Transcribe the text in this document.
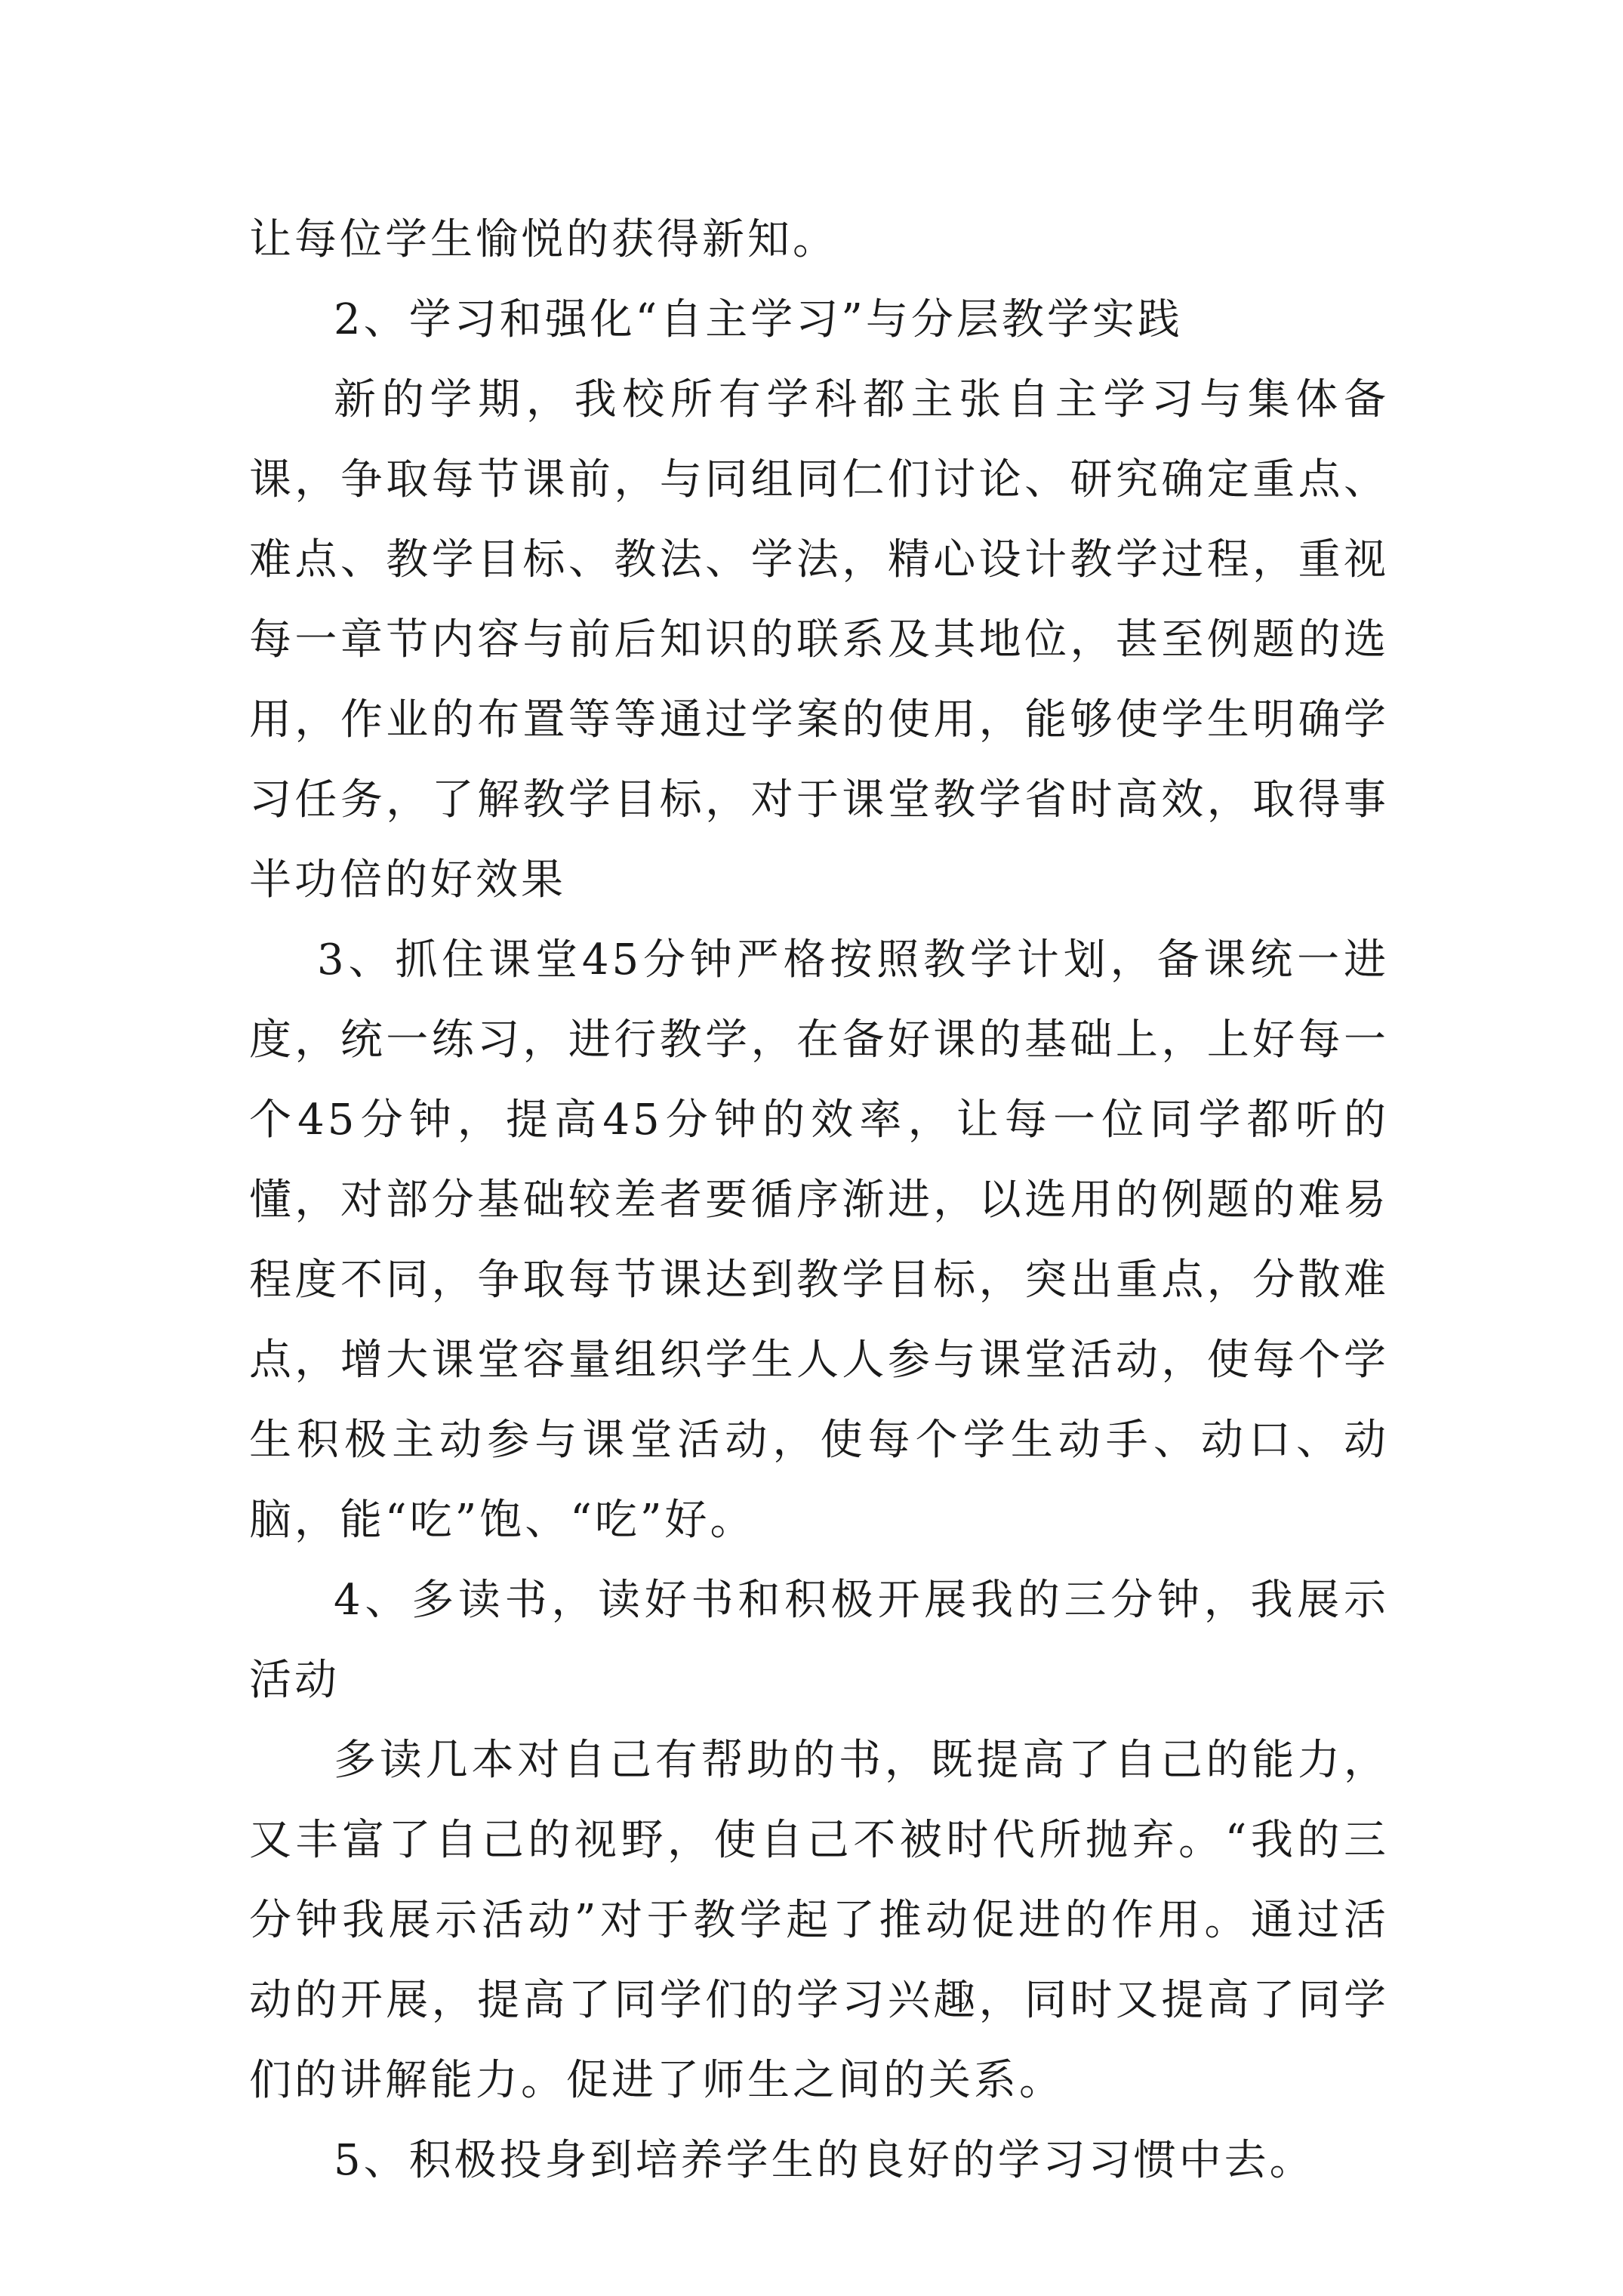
让每位学生愉悦的获得新知。

2、学习和强化“自主学习”与分层教学实践

新的学期，我校所有学科都主张自主学习与集体备课，争取每节课前，与同组同仁们讨论、研究确定重点、难点、教学目标、教法、学法，精心设计教学过程，重视每一章节内容与前后知识的联系及其地位，甚至例题的选用，作业的布置等等通过学案的使用，能够使学生明确学习任务，了解教学目标，对于课堂教学省时高效，取得事半功倍的好效果

3、抓住课堂45分钟严格按照教学计划，备课统一进度，统一练习，进行教学，在备好课的基础上，上好每一个45分钟，提高45分钟的效率，让每一位同学都听的懂，对部分基础较差者要循序渐进，以选用的例题的难易程度不同，争取每节课达到教学目标，突出重点，分散难点，增大课堂容量组织学生人人参与课堂活动，使每个学生积极主动参与课堂活动，使每个学生动手、动口、动脑，能“吃”饱、“吃”好。

4、多读书，读好书和积极开展我的三分钟，我展示活动

多读几本对自己有帮助的书，既提高了自己的能力，又丰富了自己的视野，使自己不被时代所抛弃。“我的三分钟我展示活动”对于教学起了推动促进的作用。通过活动的开展，提高了同学们的学习兴趣，同时又提高了同学们的讲解能力。促进了师生之间的关系。

5、积极投身到培养学生的良好的学习习惯中去。
